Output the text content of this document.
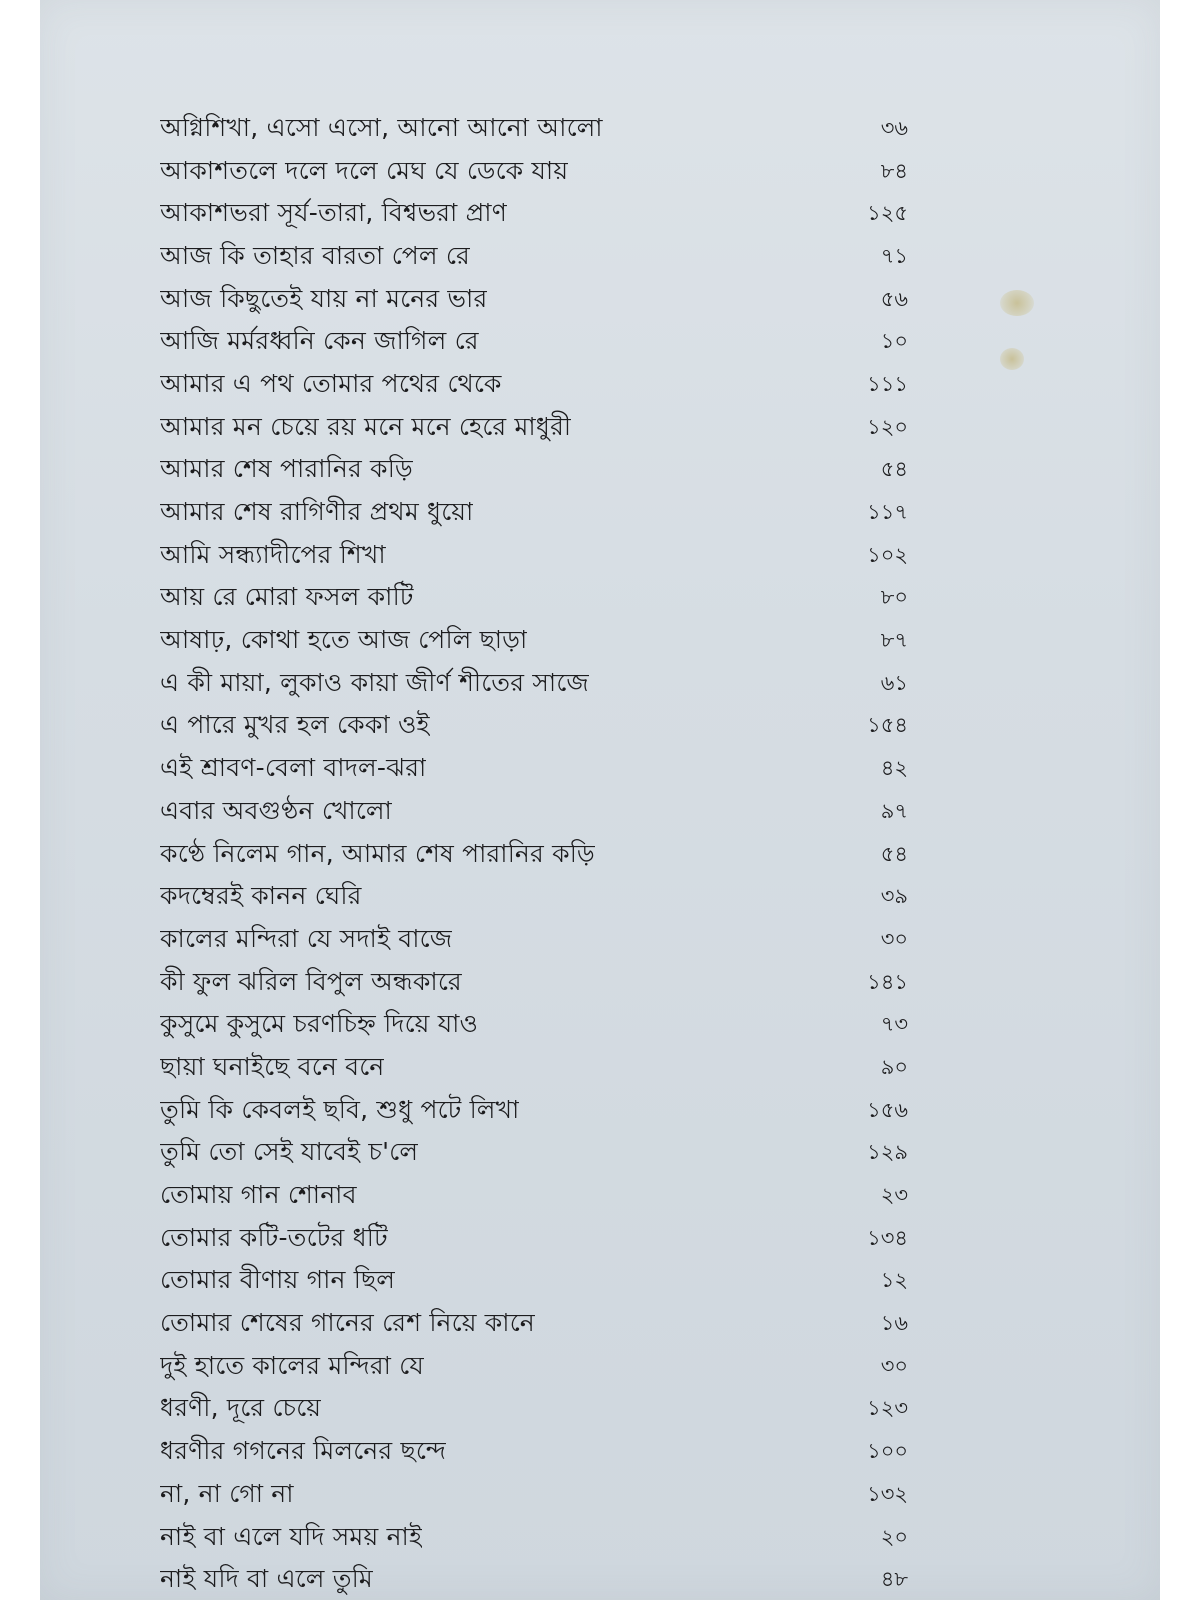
অগ্নিশিখা, এসো এসো, আনো আনো আলো	৩৬
আকাশতলে দলে দলে মেঘ যে ডেকে যায়	৮৪
আকাশভরা সূর্য-তারা, বিশ্বভরা প্রাণ	১২৫
আজ কি তাহার বারতা পেল রে	৭১
আজ কিছুতেই যায় না মনের ভার	৫৬
আজি মর্মরধ্বনি কেন জাগিল রে	১০
আমার এ পথ তোমার পথের থেকে	১১১
আমার মন চেয়ে রয় মনে মনে হেরে মাধুরী	১২০
আমার শেষ পারানির কড়ি	৫৪
আমার শেষ রাগিণীর প্রথম ধুয়ো	১১৭
আমি সন্ধ্যাদীপের শিখা	১০২
আয় রে মোরা ফসল কাটি	৮০
আষাঢ়, কোথা হতে আজ পেলি ছাড়া	৮৭
এ কী মায়া, লুকাও কায়া জীর্ণ শীতের সাজে	৬১
এ পারে মুখর হল কেকা ওই	১৫৪
এই শ্রাবণ-বেলা বাদল-ঝরা	৪২
এবার অবগুণ্ঠন খোলো	৯৭
কণ্ঠে নিলেম গান, আমার শেষ পারানির কড়ি	৫৪
কদম্বেরই কানন ঘেরি	৩৯
কালের মন্দিরা যে সদাই বাজে	৩০
কী ফুল ঝরিল বিপুল অন্ধকারে	১৪১
কুসুমে কুসুমে চরণচিহ্ন দিয়ে যাও	৭৩
ছায়া ঘনাইছে বনে বনে	৯০
তুমি কি কেবলই ছবি, শুধু পটে লিখা	১৫৬
তুমি তো সেই যাবেই চ'লে	১২৯
তোমায় গান শোনাব	২৩
তোমার কটি-তটের ধটি	১৩৪
তোমার বীণায় গান ছিল	১২
তোমার শেষের গানের রেশ নিয়ে কানে	১৬
দুই হাতে কালের মন্দিরা যে	৩০
ধরণী, দূরে চেয়ে	১২৩
ধরণীর গগনের মিলনের ছন্দে	১০০
না, না গো না	১৩২
নাই বা এলে যদি সময় নাই	২০
নাই যদি বা এলে তুমি	৪৮
